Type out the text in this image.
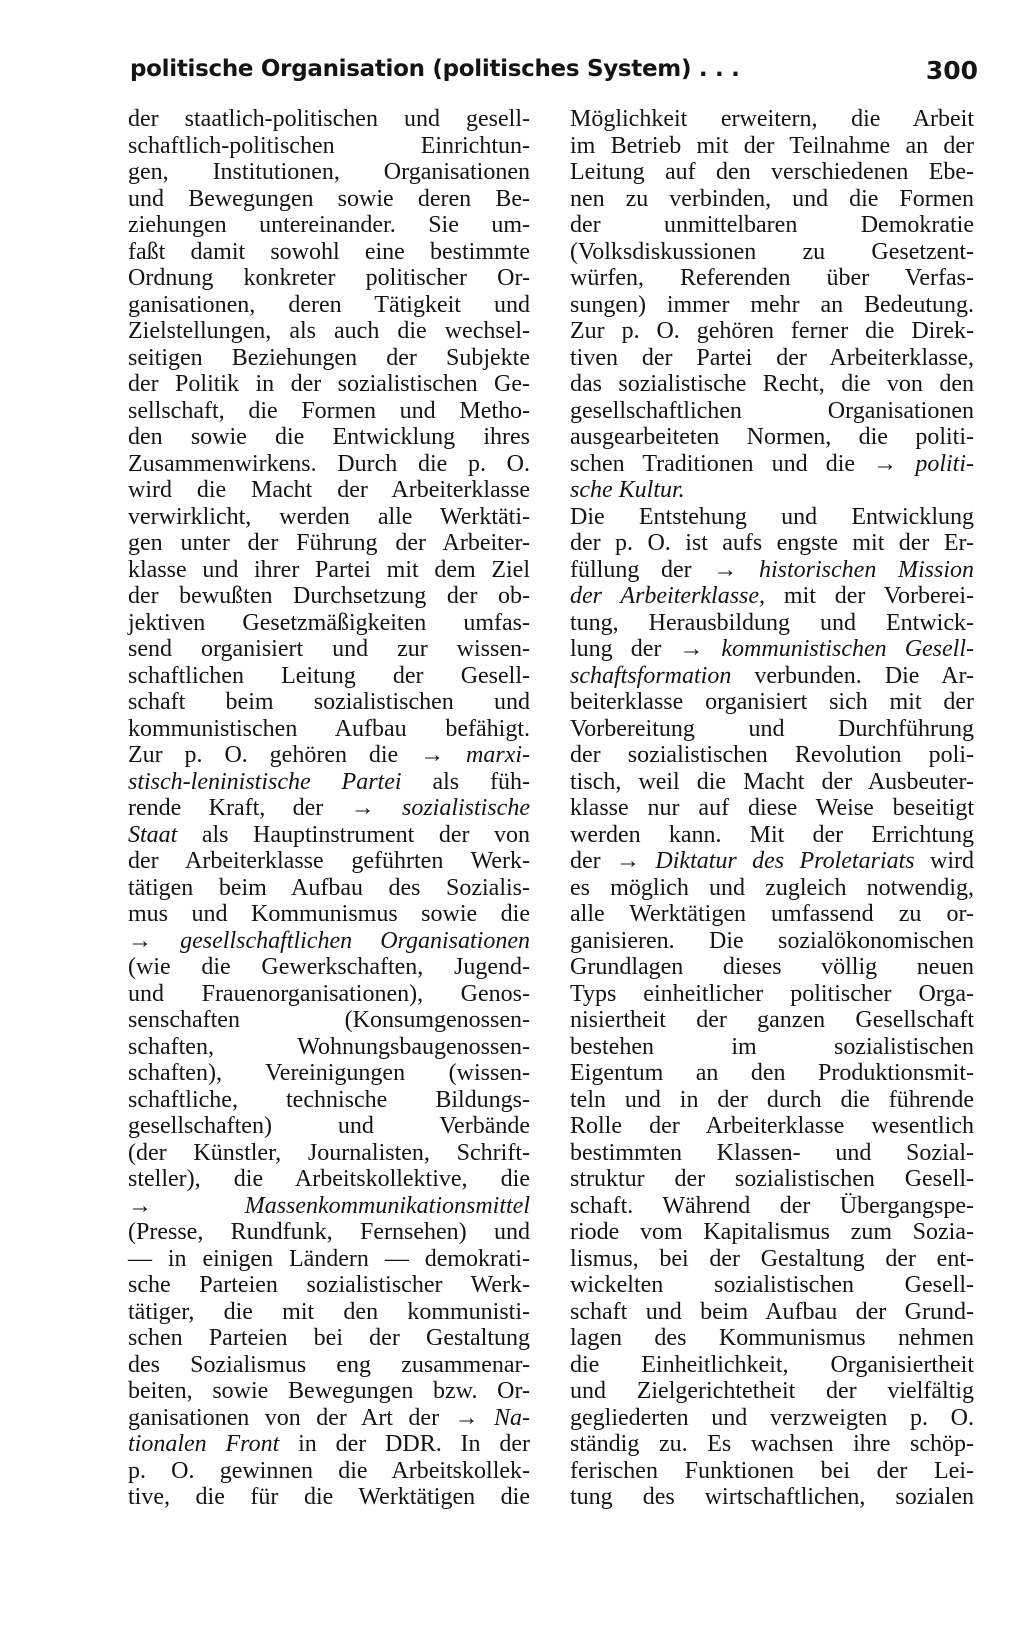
politische Organisation (politisches System) . . .	300
der staatlich-politischen und gesell-
schaftlich-politischen Einrichtun-
gen, Institutionen, Organisationen
und Bewegungen sowie deren Be-
ziehungen untereinander. Sie um-
faßt damit sowohl eine bestimmte
Ordnung konkreter politischer Or-
ganisationen, deren Tätigkeit und
Zielstellungen, als auch die wechsel-
seitigen Beziehungen der Subjekte
der Politik in der sozialistischen Ge-
sellschaft, die Formen und Metho-
den sowie die Entwicklung ihres
Zusammenwirkens. Durch die p. O.
wird die Macht der Arbeiterklasse
verwirklicht, werden alle Werktäti-
gen unter der Führung der Arbeiter-
klasse und ihrer Partei mit dem Ziel
der bewußten Durchsetzung der ob-
jektiven Gesetzmäßigkeiten umfas-
send organisiert und zur wissen-
schaftlichen Leitung der Gesell-
schaft beim sozialistischen und
kommunistischen Aufbau befähigt.
Zur p. O. gehören die → marxi-
stisch-leninistische Partei als füh-
rende Kraft, der → sozialistische
Staat als Hauptinstrument der von
der Arbeiterklasse geführten Werk-
tätigen beim Aufbau des Sozialis-
mus und Kommunismus sowie die
→ gesellschaftlichen Organisationen
(wie die Gewerkschaften, Jugend-
und Frauenorganisationen), Genos-
senschaften (Konsumgenossen-
schaften, Wohnungsbaugenossen-
schaften), Vereinigungen (wissen-
schaftliche, technische Bildungs-
gesellschaften) und Verbände
(der Künstler, Journalisten, Schrift-
steller), die Arbeitskollektive, die
→ Massenkommunikationsmittel
(Presse, Rundfunk, Fernsehen) und
— in einigen Ländern — demokrati-
sche Parteien sozialistischer Werk-
tätiger, die mit den kommunisti-
schen Parteien bei der Gestaltung
des Sozialismus eng zusammenar-
beiten, sowie Bewegungen bzw. Or-
ganisationen von der Art der → Na-
tionalen Front in der DDR. In der
p. O. gewinnen die Arbeitskollek-
tive, die für die Werktätigen die
Möglichkeit erweitern, die Arbeit
im Betrieb mit der Teilnahme an der
Leitung auf den verschiedenen Ebe-
nen zu verbinden, und die Formen
der unmittelbaren Demokratie
(Volksdiskussionen zu Gesetzent-
würfen, Referenden über Verfas-
sungen) immer mehr an Bedeutung.
Zur p. O. gehören ferner die Direk-
tiven der Partei der Arbeiterklasse,
das sozialistische Recht, die von den
gesellschaftlichen Organisationen
ausgearbeiteten Normen, die politi-
schen Traditionen und die → politi-
sche Kultur.
Die Entstehung und Entwicklung
der p. O. ist aufs engste mit der Er-
füllung der → historischen Mission
der Arbeiterklasse, mit der Vorberei-
tung, Herausbildung und Entwick-
lung der → kommunistischen Gesell-
schaftsformation verbunden. Die Ar-
beiterklasse organisiert sich mit der
Vorbereitung und Durchführung
der sozialistischen Revolution poli-
tisch, weil die Macht der Ausbeuter-
klasse nur auf diese Weise beseitigt
werden kann. Mit der Errichtung
der → Diktatur des Proletariats wird
es möglich und zugleich notwendig,
alle Werktätigen umfassend zu or-
ganisieren. Die sozialökonomischen
Grundlagen dieses völlig neuen
Typs einheitlicher politischer Orga-
nisiertheit der ganzen Gesellschaft
bestehen im sozialistischen
Eigentum an den Produktionsmit-
teln und in der durch die führende
Rolle der Arbeiterklasse wesentlich
bestimmten Klassen- und Sozial-
struktur der sozialistischen Gesell-
schaft. Während der Übergangspe-
riode vom Kapitalismus zum Sozia-
lismus, bei der Gestaltung der ent-
wickelten sozialistischen Gesell-
schaft und beim Aufbau der Grund-
lagen des Kommunismus nehmen
die Einheitlichkeit, Organisiertheit
und Zielgerichtetheit der vielfältig
gegliederten und verzweigten p. O.
ständig zu. Es wachsen ihre schöp-
ferischen Funktionen bei der Lei-
tung des wirtschaftlichen, sozialen
